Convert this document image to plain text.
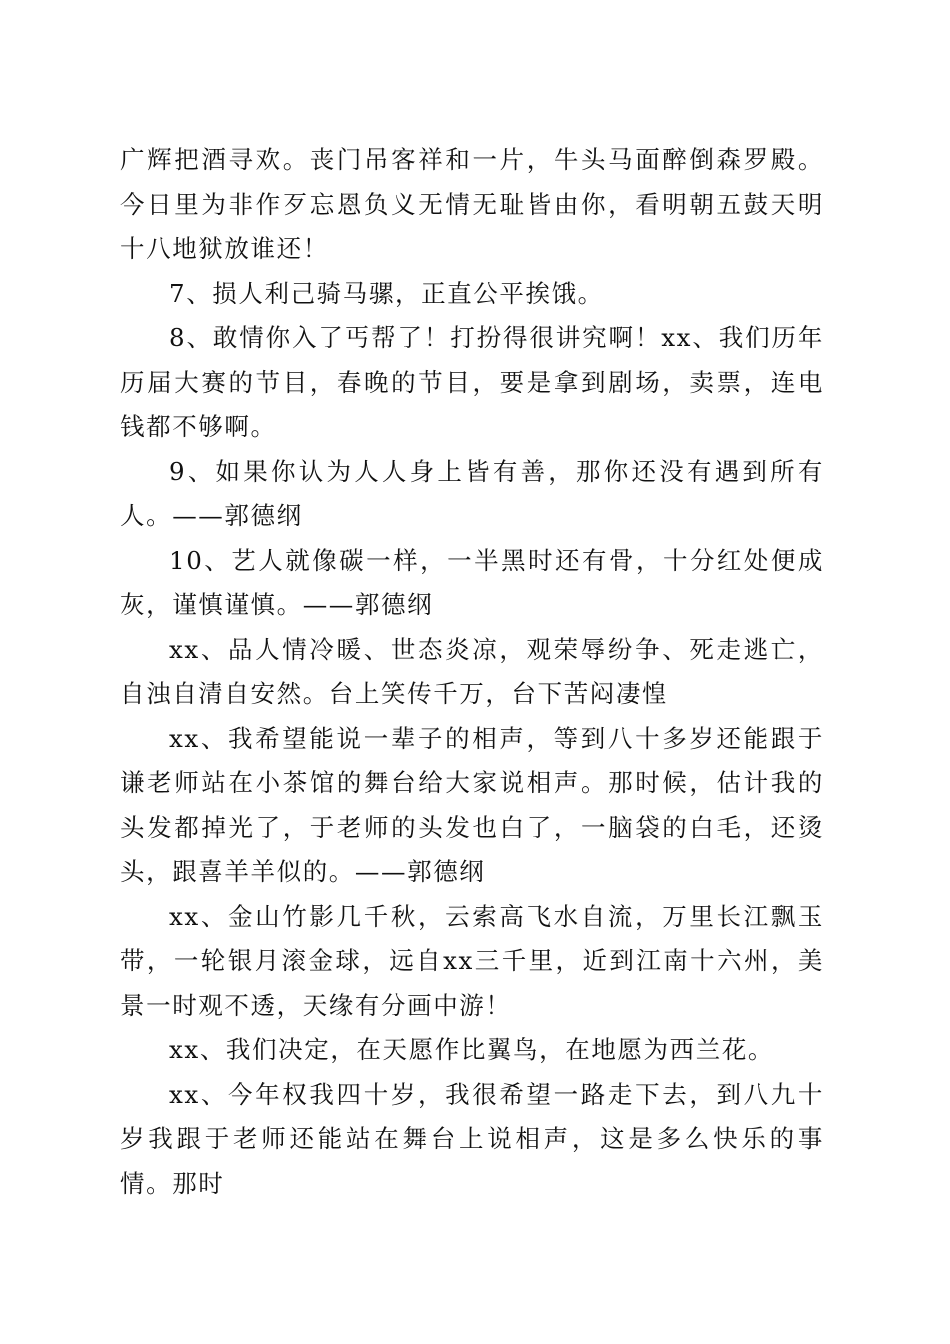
广辉把酒寻欢。丧门吊客祥和一片，牛头马面醉倒森罗殿。今日里为非作歹忘恩负义无情无耻皆由你，看明朝五鼓天明十八地狱放谁还！

7、损人利己骑马骡，正直公平挨饿。

8、敢情你入了丐帮了！打扮得很讲究啊！xx、我们历年历届大赛的节目，春晚的节目，要是拿到剧场，卖票，连电钱都不够啊。

9、如果你认为人人身上皆有善，那你还没有遇到所有人。——郭德纲

10、艺人就像碳一样，一半黑时还有骨，十分红处便成灰，谨慎谨慎。——郭德纲

xx、品人情冷暖、世态炎凉，观荣辱纷争、死走逃亡，自浊自清自安然。台上笑传千万，台下苦闷凄惶

xx、我希望能说一辈子的相声，等到八十多岁还能跟于谦老师站在小茶馆的舞台给大家说相声。那时候，估计我的头发都掉光了，于老师的头发也白了，一脑袋的白毛，还烫头，跟喜羊羊似的。——郭德纲

xx、金山竹影几千秋，云索高飞水自流，万里长江飘玉带，一轮银月滚金球，远自xx三千里，近到江南十六州，美景一时观不透，天缘有分画中游！

xx、我们决定，在天愿作比翼鸟，在地愿为西兰花。

xx、今年权我四十岁，我很希望一路走下去，到八九十岁我跟于老师还能站在舞台上说相声，这是多么快乐的事情。那时
